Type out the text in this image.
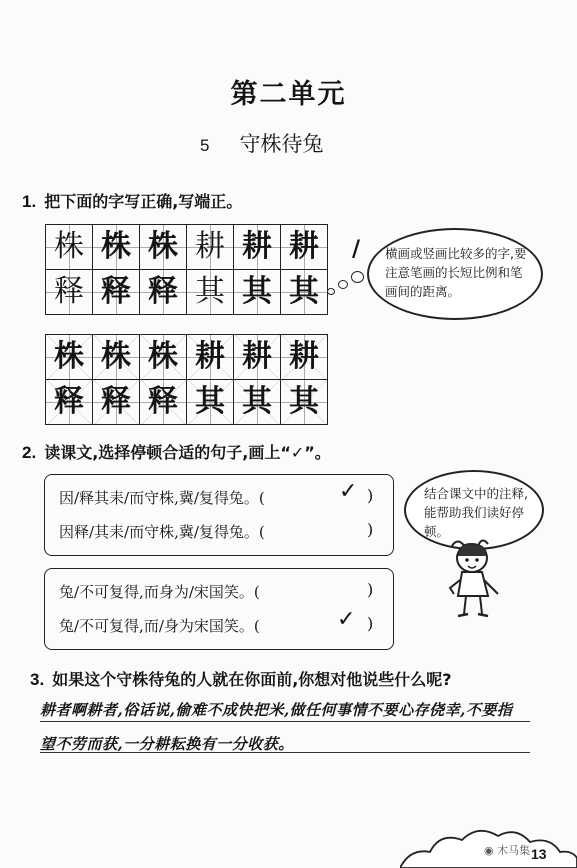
第二单元
5 守株待兔
1. 把下面的字写正确,写端正。
株	株	株	耕	耕	耕
释	释	释	其	其	其
株	株	株	耕	耕	耕
释	释	释	其	其	其
/	横画或竖画比较多的字,要注意笔画的长短比例和笔画间的距离。
2. 读课文,选择停顿合适的句子,画上“✓”。
因/释其耒/而守株,冀/复得兔。(	)
✓
因释/其耒/而守株,冀/复得兔。(	)
兔/不可复得,而身为/宋国笑。(	)
兔/不可复得,而/身为宋国笑。(	)
✓
结合课文中的注释,能帮助我们读好停顿。
3. 如果这个守株待兔的人就在你面前,你想对他说些什么呢?
耕者啊耕者,俗话说,偷难不成快把米,做任何事情不要心存侥幸,不要指
望不劳而获,一分耕耘换有一分收获。
◉ 木马集 13
